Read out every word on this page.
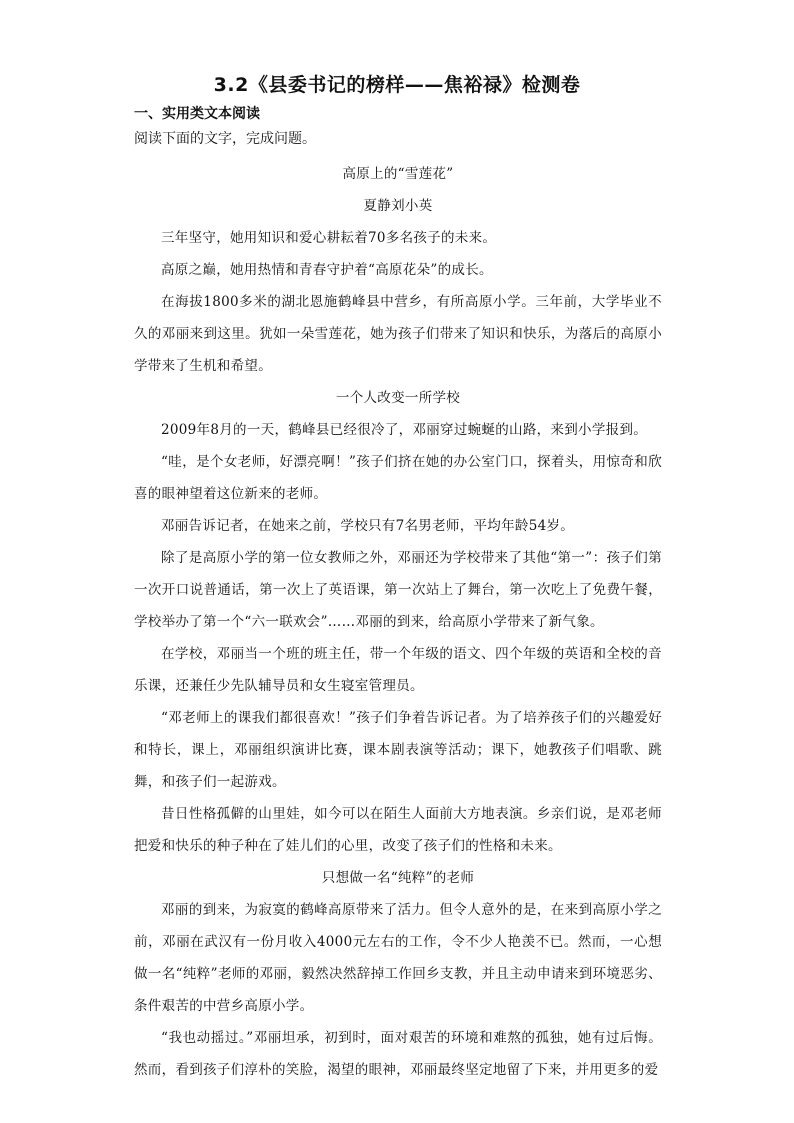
3.2《县委书记的榜样——焦裕禄》检测卷
一、实用类文本阅读
阅读下面的文字，完成问题。

高原上的“雪莲花”

夏静刘小英

三年坚守，她用知识和爱心耕耘着70多名孩子的未来。

高原之巅，她用热情和青春守护着“高原花朵”的成长。

在海拔1800多米的湖北恩施鹤峰县中营乡，有所高原小学。三年前，大学毕业不久的邓丽来到这里。犹如一朵雪莲花，她为孩子们带来了知识和快乐，为落后的高原小学带来了生机和希望。

一个人改变一所学校

2009年8月的一天，鹤峰县已经很冷了，邓丽穿过蜿蜒的山路，来到小学报到。

“哇，是个女老师，好漂亮啊！”孩子们挤在她的办公室门口，探着头，用惊奇和欣喜的眼神望着这位新来的老师。

邓丽告诉记者，在她来之前，学校只有7名男老师，平均年龄54岁。

除了是高原小学的第一位女教师之外，邓丽还为学校带来了其他“第一”：孩子们第一次开口说普通话，第一次上了英语课，第一次站上了舞台，第一次吃上了免费午餐，学校举办了第一个“六一联欢会”……邓丽的到来，给高原小学带来了新气象。

在学校，邓丽当一个班的班主任，带一个年级的语文、四个年级的英语和全校的音乐课，还兼任少先队辅导员和女生寝室管理员。

“邓老师上的课我们都很喜欢！”孩子们争着告诉记者。为了培养孩子们的兴趣爱好和特长，课上，邓丽组织演讲比赛，课本剧表演等活动；课下，她教孩子们唱歌、跳舞，和孩子们一起游戏。

昔日性格孤僻的山里娃，如今可以在陌生人面前大方地表演。乡亲们说，是邓老师把爱和快乐的种子种在了娃儿们的心里，改变了孩子们的性格和未来。

只想做一名“纯粹”的老师

邓丽的到来，为寂寞的鹤峰高原带来了活力。但令人意外的是，在来到高原小学之前，邓丽在武汉有一份月收入4000元左右的工作，令不少人艳羡不已。然而，一心想做一名“纯粹”老师的邓丽，毅然决然辞掉工作回乡支教，并且主动申请来到环境恶劣、条件艰苦的中营乡高原小学。

“我也动摇过。”邓丽坦承，初到时，面对艰苦的环境和难熬的孤独，她有过后悔。然而，看到孩子们淳朴的笑脸，渴望的眼神，邓丽最终坚定地留了下来，并用更多的爱
